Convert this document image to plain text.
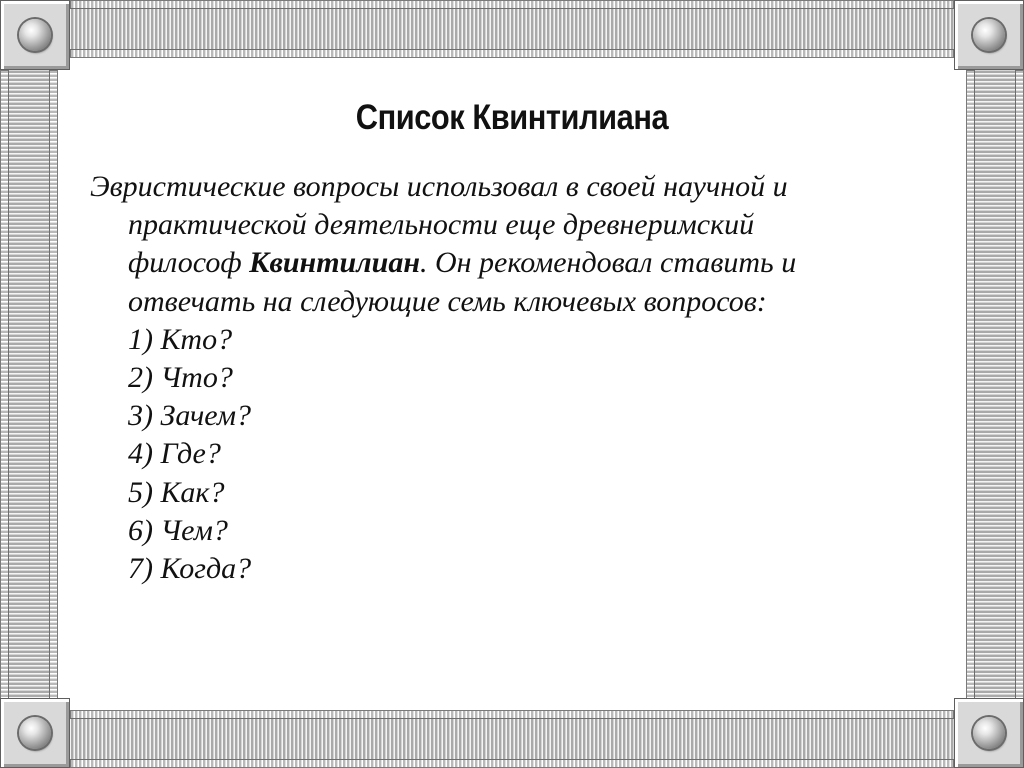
Список Квинтилиана
Эвристические вопросы использовал в своей научной и
практической деятельности еще древнеримский
философ Квинтилиан. Он рекомендовал ставить и
отвечать на следующие семь ключевых вопросов:
1) Кто?
2) Что?
3) Зачем?
4) Где?
5) Как?
6) Чем?
7) Когда?
